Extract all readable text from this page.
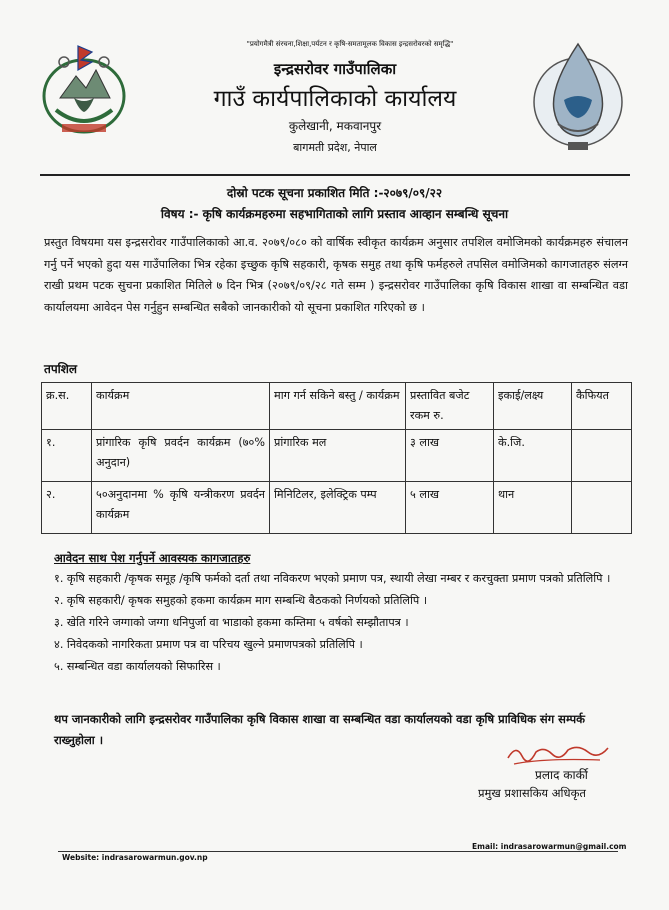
"प्रयोगमैत्री संरचना,शिक्षा,पर्यटन र कृषि-समतामूलक विकास इन्द्रसरोवरको समृद्धि"
इन्द्रसरोवर गाउँपालिका
गाउँ कार्यपालिकाको कार्यालय
कुलेखानी, मकवानपुर
बागमती प्रदेश, नेपाल
दोस्रो पटक सूचना प्रकाशित मिति :-२०७९/०९/२२
विषय :- कृषि कार्यक्रमहरुमा सहभागिताको लागि प्रस्ताव आव्हान सम्बन्धि सूचना
प्रस्तुत विषयमा यस इन्द्रसरोवर गाउँपालिकाको आ.व. २०७९/०८० को वार्षिक स्वीकृत कार्यक्रम अनुसार तपशिल वमोजिमको कार्यक्रमहरु संचालन गर्नु पर्ने भएको हुदा यस गाउँपालिका भित्र रहेका इच्छुक कृषि सहकारी, कृषक समुह तथा कृषि फर्महरुले तपसिल वमोजिमको कागजातहरु संलग्न राखी प्रथम पटक सुचना प्रकाशित मितिले ७ दिन भित्र (२०७९/०९/२८ गते सम्म ) इन्द्रसरोवर गाउँपालिका कृषि विकास शाखा वा सम्बन्धित वडा कार्यालयमा आवेदन पेस गर्नुहुन सम्बन्धित सबैको जानकारीको यो सूचना प्रकाशित गरिएको छ ।
तपशिल
क्र.स.	कार्यक्रम	माग गर्न सकिने बस्तु / कार्यक्रम	प्रस्तावित बजेट रकम रु.	इकाई/लक्ष्य	कैफियत
१.	प्रांगारिक कृषि प्रवर्दन कार्यक्रम (७०% अनुदान)	प्रांगारिक मल	३ लाख	के.जि.	
२.	५०अनुदानमा % कृषि यन्त्रीकरण प्रवर्दन कार्यक्रम	मिनिटिलर, इलेक्ट्रिक पम्प	५ लाख	थान	
आवेदन साथ पेश गर्नुपर्ने आवस्यक कागजातहरु
१. कृषि सहकारी /कृषक समूह /कृषि फर्मको दर्ता तथा नविकरण भएको प्रमाण पत्र, स्थायी लेखा नम्बर र करचुक्ता प्रमाण पत्रको प्रतिलिपि ।
२. कृषि सहकारी/ कृषक समुहको हकमा कार्यक्रम माग सम्बन्धि बैठकको निर्णयको प्रतिलिपि ।
३. खेति गरिने जग्गाको जग्गा धनिपुर्जा वा भाडाको हकमा कम्तिमा ५ वर्षको सम्झौतापत्र ।
४. निवेदकको नागरिकता प्रमाण पत्र वा परिचय खुल्ने प्रमाणपत्रको प्रतिलिपि ।
५. सम्बन्धित वडा कार्यालयको सिफारिस ।
थप जानकारीको लागि इन्द्रसरोवर गाउँपालिका कृषि विकास शाखा वा सम्बन्धित वडा कार्यालयको वडा कृषि प्राविधिक संग सम्पर्क राख्नुहोला ।
प्रलाद कार्की
प्रमुख प्रशासकिय अधिकृत
Email: indrasarowarmun@gmail.com
Website: indrasarowarmun.gov.np
